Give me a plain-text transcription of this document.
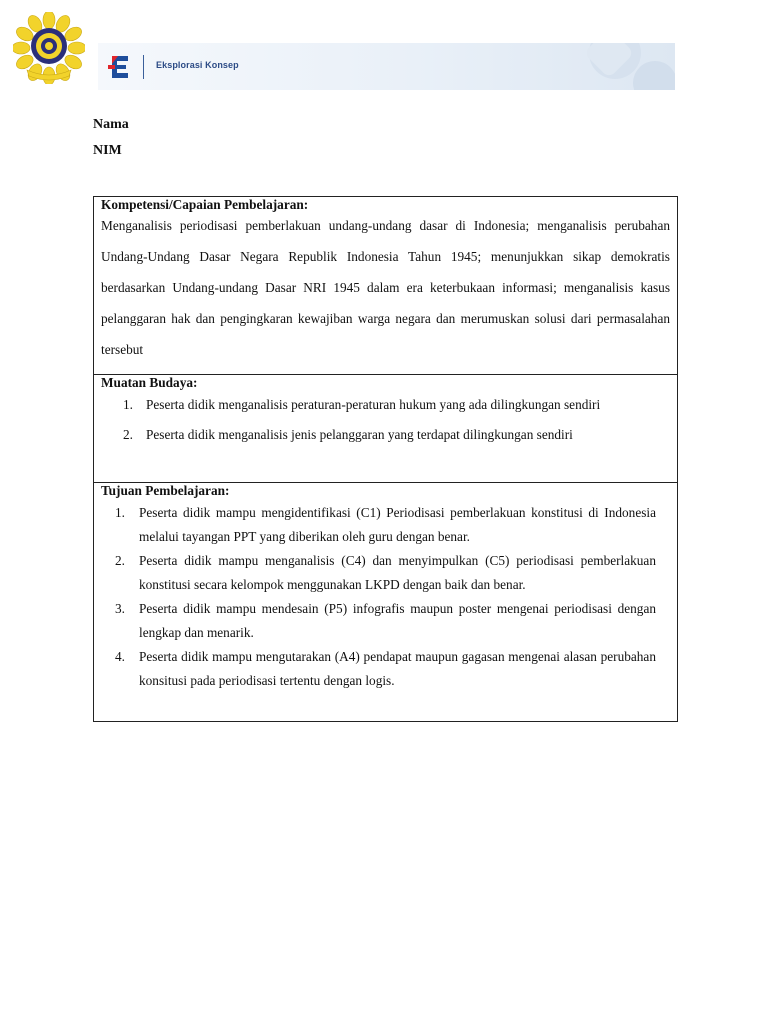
Eksplorasi Konsep
Nama
NIM
Kompetensi/Capaian Pembelajaran:
Menganalisis periodisasi pemberlakuan undang-undang dasar di Indonesia; menganalisis perubahan Undang-Undang Dasar Negara Republik Indonesia Tahun 1945; menunjukkan sikap demokratis berdasarkan Undang-undang Dasar NRI 1945 dalam era keterbukaan informasi; menganalisis kasus pelanggaran hak dan pengingkaran kewajiban warga negara dan merumuskan solusi dari permasalahan tersebut

Muatan Budaya:
1. Peserta didik menganalisis peraturan-peraturan hukum yang ada dilingkungan sendiri
2. Peserta didik menganalisis jenis pelanggaran yang terdapat dilingkungan sendiri

Tujuan Pembelajaran:
1. Peserta didik mampu mengidentifikasi (C1) Periodisasi pemberlakuan konstitusi di Indonesia melalui tayangan PPT yang diberikan oleh guru dengan benar.
2. Peserta didik mampu menganalisis (C4) dan menyimpulkan (C5) periodisasi pemberlakuan konstitusi secara kelompok menggunakan LKPD dengan baik dan benar.
3. Peserta didik mampu mendesain (P5) infografis maupun poster mengenai periodisasi dengan lengkap dan menarik.
4. Peserta didik mampu mengutarakan (A4) pendapat maupun gagasan mengenai alasan perubahan konsitusi pada periodisasi tertentu dengan logis.
